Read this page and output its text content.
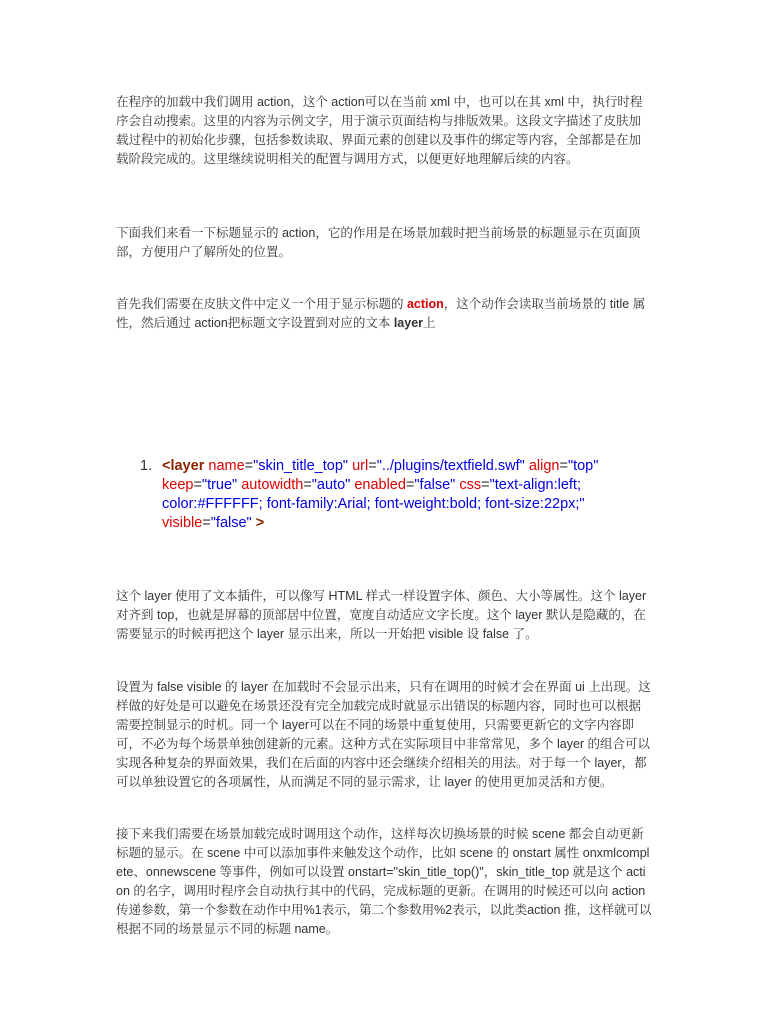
在程序的加载中我们调用 action，这个 action可以在当前 xml 中，也可以在其 xml 中，执行时程序会自动搜索。这里的内容为示例文字，用于演示页面结构与排版效果。这段文字描述了皮肤加载过程中的初始化步骤，包括参数读取、界面元素的创建以及事件的绑定等内容，全部都是在加载阶段完成的。这里继续说明相关的配置与调用方式，以便更好地理解后续的内容。

下面我们来看一下标题显示的 action，它的作用是在场景加载时把当前场景的标题显示在页面顶部，方便用户了解所处的位置。

首先我们需要在皮肤文件中定义一个用于显示标题的 action，这个动作会读取当前场景的 title 属性，然后通过 action把标题文字设置到对应的文本 layer上

1. <layer name="skin_title_top" url="../plugins/textfield.swf" align="top" keep="true" autowidth="auto" enabled="false" css="text-align:left; color:#FFFFFF; font-family:Arial; font-weight:bold; font-size:22px;" visible="false" >

这个 layer 使用了文本插件，可以像写 HTML 样式一样设置字体、颜色、大小等属性。这个 layer 对齐到 top，也就是屏幕的顶部居中位置，宽度自动适应文字长度。这个 layer 默认是隐藏的，在需要显示的时候再把这个 layer 显示出来，所以一开始把 visible 设 false 了。

设置为 false visible 的 layer 在加载时不会显示出来，只有在调用的时候才会在界面 ui 上出现。这样做的好处是可以避免在场景还没有完全加载完成时就显示出错误的标题内容，同时也可以根据需要控制显示的时机。同一个 layer可以在不同的场景中重复使用，只需要更新它的文字内容即可，不必为每个场景单独创建新的元素。这种方式在实际项目中非常常见，多个 layer 的组合可以实现各种复杂的界面效果，我们在后面的内容中还会继续介绍相关的用法。对于每一个 layer，都可以单独设置它的各项属性，从而满足不同的显示需求，让 layer 的使用更加灵活和方便。

接下来我们需要在场景加载完成时调用这个动作，这样每次切换场景的时候 scene 都会自动更新标题的显示。在 scene 中可以添加事件来触发这个动作，比如 scene 的 onstart 属性 onxmlcomplete、onnewscene 等事件，例如可以设置 onstart="skin_title_top()"，skin_title_top 就是这个 action 的名字，调用时程序会自动执行其中的代码，完成标题的更新。在调用的时候还可以向 action 传递参数，第一个参数在动作中用%1表示，第二个参数用%2表示，以此类action 推，这样就可以根据不同的场景显示不同的标题 name。
